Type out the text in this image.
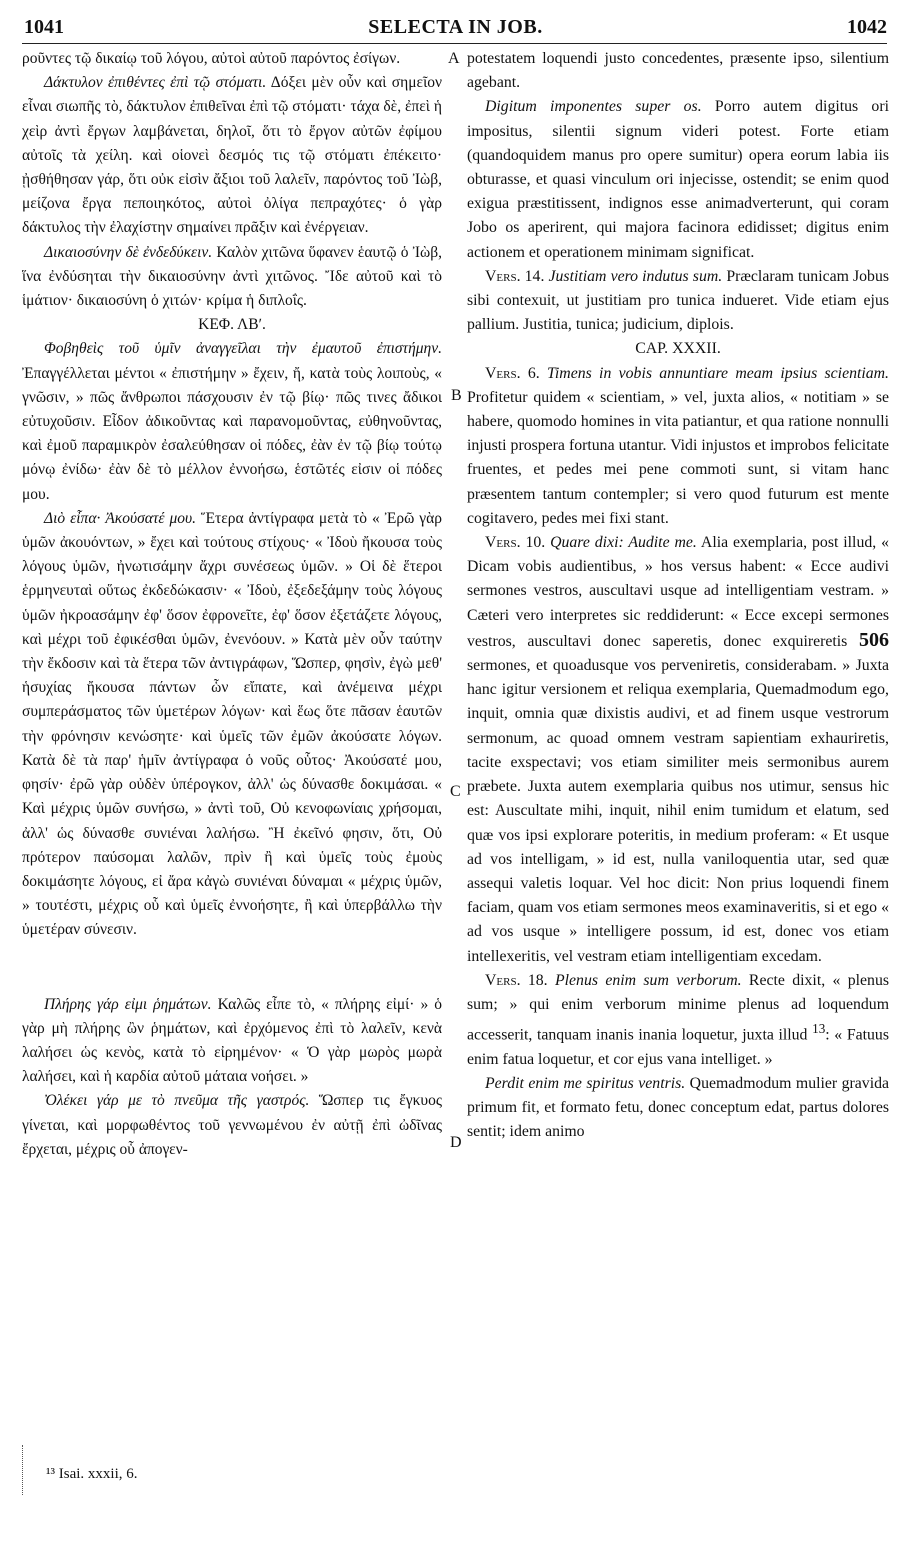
1041	SELECTA IN JOB.	1042

ρoῦντες τῷ δικαίῳ τοῦ λόγου, αὐτοὶ αὐτοῦ παρόντος ἐσίγων.

Δάκτυλον ἐπιθέντες ἐπὶ τῷ στόματι. Δόξει μὲν οὖν καὶ σημεῖον εἶναι σιωπῆς τὸ, δάκτυλον ἐπιθεῖναι ἐπὶ τῷ στόματι· τάχα δὲ, ἐπεὶ ἡ χεὶρ ἀντὶ ἔργων λαμβάνεται, δηλοῖ, ὅτι τὸ ἔργον αὐτῶν ἐφίμου αὐτοῖς τὰ χείλη. καὶ οἱονεὶ δεσμός τις τῷ στόματι ἐπέκειτο· ᾐσθήθησαν γάρ, ὅτι οὐκ εἰσὶν ἄξιοι τοῦ λαλεῖν, παρόντος τοῦ Ἰὼβ, μείζονα ἔργα πεποιηκότος, αὐτοὶ ὀλίγα πεπραχότες· ὁ γὰρ δάκτυλος τὴν ἐλαχίστην σημαίνει πρᾶξιν καὶ ἐνέργειαν.

Δικαιοσύνην δὲ ἐνδεδύκειν. Καλὸν χιτῶνα ὕφανεν ἑαυτῷ ὁ Ἰὼβ, ἵνα ἐνδύσηται τὴν δικαιοσύνην ἀντὶ χιτῶνος. Ἴδε αὐτοῦ καὶ τὸ ἱμάτιον· δικαιοσύνη ὁ χιτών· κρίμα ἡ διπλοΐς.

ΚΕΦ. ΛΒʹ.

Φοβηθεὶς τοῦ ὑμῖν ἀναγγεῖλαι τὴν ἐμαυτοῦ ἐπιστήμην. Ἐπαγγέλλεται μέντοι « ἐπιστήμην » ἔχειν, ἤ, κατὰ τοὺς λοιποὺς, « γνῶσιν, » πῶς ἄνθρωποι πάσχουσιν ἐν τῷ βίῳ· πῶς τινες ἄδικοι εὐτυχοῦσιν. Εἶδον ἀδικοῦντας καὶ παρανομοῦντας, εὐθηνοῦντας, καὶ ἐμοῦ παραμικρὸν ἐσαλεύθησαν οἱ πόδες, ἐὰν ἐν τῷ βίῳ τούτῳ μόνῳ ἐνίδω· ἐὰν δὲ τὸ μέλλον ἐννοήσω, ἑστῶτές εἰσιν οἱ πόδες μου.

Διὸ εἶπα· Ἀκούσατέ μου. Ἕτερα ἀντίγραφα μετὰ τὸ « Ἐρῶ γὰρ ὑμῶν ἀκουόντων, » ἔχει καὶ τούτους στίχους· « Ἰδοὺ ἤκουσα τοὺς λόγους ὑμῶν, ἠνωτισάμην ἄχρι συνέσεως ὑμῶν. » Οἱ δὲ ἕτεροι ἑρμηνευταὶ οὕτως ἐκδεδώκασιν· « Ἰδοὺ, ἐξεδεξάμην τοὺς λόγους ὑμῶν ἠκροασάμην ἐφ' ὅσον ἐφρονεῖτε, ἐφ' ὅσον ἐξετάζετε λόγους, καὶ μέχρι τοῦ ἐφικέσθαι ὑμῶν, ἐνενόουν. » Κατὰ μὲν οὖν ταύτην τὴν ἔκδοσιν καὶ τὰ ἕτερα τῶν ἀντιγράφων, Ὥσπερ, φησὶν, ἐγὼ μεθ' ἡσυχίας ἤκουσα πάντων ὧν εἴπατε, καὶ ἀνέμεινα μέχρι συμπεράσματος τῶν ὑμετέρων λόγων· καὶ ἕως ὅτε πᾶσαν ἑαυτῶν τὴν φρόνησιν κενώσητε· καὶ ὑμεῖς τῶν ἐμῶν ἀκούσατε λόγων. Κατὰ δὲ τὰ παρ' ἡμῖν ἀντίγραφα ὁ νοῦς οὗτος· Ἀκούσατέ μου, φησίν· ἐρῶ γὰρ οὐδὲν ὑπέρογκον, ἀλλ' ὡς δύνασθε δοκιμάσαι. « Καὶ μέχρις ὑμῶν συνήσω, » ἀντὶ τοῦ, Οὐ κενοφωνίαις χρήσομαι, ἀλλ' ὡς δύνασθε συνιέναι λαλήσω. Ἢ ἐκεῖνό φησιν, ὅτι, Οὐ πρότερον παύσομαι λαλῶν, πρὶν ἢ καὶ ὑμεῖς τοὺς ἐμοὺς δοκιμάσητε λόγους, εἰ ἄρα κἀγὼ συνιέναι δύναμαι « μέχρις ὑμῶν, » τουτέστι, μέχρις οὗ καὶ ὑμεῖς ἐννοήσητε, ἢ καὶ ὑπερβάλλω τὴν ὑμετέραν σύνεσιν.

Πλήρης γάρ εἰμι ῥημάτων. Καλῶς εἶπε τὸ, « πλήρης εἰμί· » ὁ γὰρ μὴ πλήρης ὢν ῥημάτων, καὶ ἐρχόμενος ἐπὶ τὸ λαλεῖν, κενὰ λαλήσει ὡς κενὸς, κατὰ τὸ εἰρημένον· « Ὁ γὰρ μωρὸς μωρὰ λαλήσει, καὶ ἡ καρδία αὐτοῦ μάταια νοήσει. »

Ὀλέκει γάρ με τὸ πνεῦμα τῆς γαστρός. Ὥσπερ τις ἔγκυος γίνεται, καὶ μορφωθέντος τοῦ γεννωμένου ἐν αὐτῇ ἐπὶ ὠδῖνας ἔρχεται, μέχρις οὗ ἀπογεν-

potestatem loquendi justo concedentes, præsente ipso, silentium agebant.

Digitum imponentes super os. Porro autem digitus ori impositus, silentii signum videri potest. Forte etiam (quandoquidem manus pro opere sumitur) opera eorum labia iis obturasse, et quasi vinculum ori injecisse, ostendit; se enim quod exigua præstitissent, indignos esse animadverterunt, qui coram Jobo os aperirent, qui majora facinora edidisset; digitus enim actionem et operationem minimam significat.

Vers. 14. Justitiam vero indutus sum. Præclaram tunicam Jobus sibi contexuit, ut justitiam pro tunica indueret. Vide etiam ejus pallium. Justitia, tunica; judicium, diplois.

CAP. XXXII.

Vers. 6. Timens in vobis annuntiare meam ipsius scientiam. Profitetur quidem « scientiam, » vel, juxta alios, « notitiam » se habere, quomodo homines in vita patiantur, et qua ratione nonnulli injusti prospera fortuna utantur. Vidi injustos et improbos felicitate fruentes, et pedes mei pene commoti sunt, si vitam hanc præsentem tantum contempler; si vero quod futurum est mente cogitavero, pedes mei fixi stant.

Vers. 10. Quare dixi: Audite me. Alia exemplaria, post illud, « Dicam vobis audientibus, » hos versus habent: « Ecce audivi sermones vestros, auscultavi usque ad intelligentiam vestram. » Cæteri vero interpretes sic reddiderunt: « Ecce excepi sermones vestros, auscultavi donec saperetis, donec exquireretis 506 sermones, et quoadusque vos perveniretis, considerabam. » Juxta hanc igitur versionem et reliqua exemplaria, Quemadmodum ego, inquit, omnia quæ dixistis audivi, et ad finem usque vestrorum sermonum, ac quoad omnem vestram sapientiam exhauriretis, tacite exspectavi; vos etiam similiter meis sermonibus aurem præbete. Juxta autem exemplaria quibus nos utimur, sensus hic est: Auscultate mihi, inquit, nihil enim tumidum et elatum, sed quæ vos ipsi explorare poteritis, in medium proferam: « Et usque ad vos intelligam, » id est, nulla vaniloquentia utar, sed quæ assequi valetis loquar. Vel hoc dicit: Non prius loquendi finem faciam, quam vos etiam sermones meos examinaveritis, si et ego « ad vos usque » intelligere possum, id est, donec vos etiam intellexeritis, vel vestram etiam intelligentiam excedam.

Vers. 18. Plenus enim sum verborum. Recte dixit, « plenus sum; » qui enim verborum minime plenus ad loquendum accesserit, tanquam inanis inania loquetur, juxta illud $^{13}$: « Fatuus enim fatua loquetur, et cor ejus vana intelliget. »

Perdit enim me spiritus ventris. Quemadmodum mulier gravida primum fit, et formato fetu, donec conceptum edat, partus dolores sentit; idem animo

A
B
C
D
¹³ Isai. xxxii, 6.
